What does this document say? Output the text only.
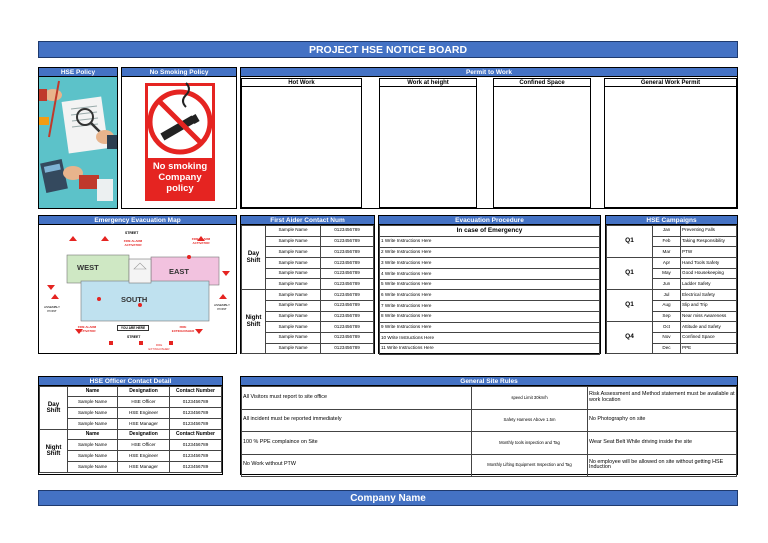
PROJECT HSE NOTICE BOARD
HSE Policy	No Smoking Policy
No smoking Company policy
Permit to Work
Hot Work	Work at height	Confined Space	General Work Permit
Emergency Evacuation Map
STREET
FIRE ALARM ACTIVATOR
FIRE ALARM ACTIVATOR
WEST	EAST
SOUTH
ASSEMBLY POINT
ASSEMBLY POINT
FIRE ALARM ACTIVATOR
YOU ARE HERE	FIRE EXTINGUISHER
STREET
FIRE EXTINGUISHER
First Aider Contact Num
Day Shift	Sample Name	0123456789
	Sample Name	0123456789
	Sample Name	0123456789
	Sample Name	0123456789
	Sample Name	0123456789
	Sample Name	0123456789
Night Shift	Sample Name	0123456789
	Sample Name	0123456789
	Sample Name	0123456789
	Sample Name	0123456789
	Sample Name	0123456789
	Sample Name	0123456789
Evacuation Procedure
In case of Emergency
1 Write Instructions Here
2 Write Instructions Here
3 Write Instructions Here
4 Write Instructions Here
5 Write Instructions Here
6 Write Instructions Here
7 Write Instructions Here
8 Write Instructions Here
9 Write Instructions Here
10 Write Instructions Here
11 Write Instructions Here
HSE Campaigns
Q1	Jan	Preventing Falls
	Feb	Taking Responsibility
	Mar	PTW
Q1	Apr	Hand Tools Safety
	May	Good Housekeeping
	Jun	Ladder Safety
Q1	Jul	Electrical Safety
	Aug	Slip and Trip
	Sep	Near miss Awareness
Q4	Oct	Attitude and Safety
	Nov	Confined Space
	Dec	PPE
HSE Officer Contact Detail
Day Shift	Name	Designation	Contact Number
	Sample Name	HSE Officer	0123456789
	Sample Name	HSE Engineer	0123456789
	Sample Name	HSE Manager	0123456789
Night Shift	Name	Designation	Contact Number
	Sample Name	HSE Officer	0123456789
	Sample Name	HSE Engineer	0123456789
	Sample Name	HSE Manager	0123456789
General Site Rules
All Visitors must report to site office	speed Limit 30km/h	Risk Assessment and Method statement must be available at work location
All incident must be reported immediately	Safety Harness Above 1.5m	No Photography on site
100 % PPE complaince on Site	Monthly tools inspection and Tag	Wear Seat Belt While driving inside the site
No Work without PTW	Monthly Lifting Equipment Inspection and Tag	No employee will be allowed on site without getting HSE Induction
Company Name
